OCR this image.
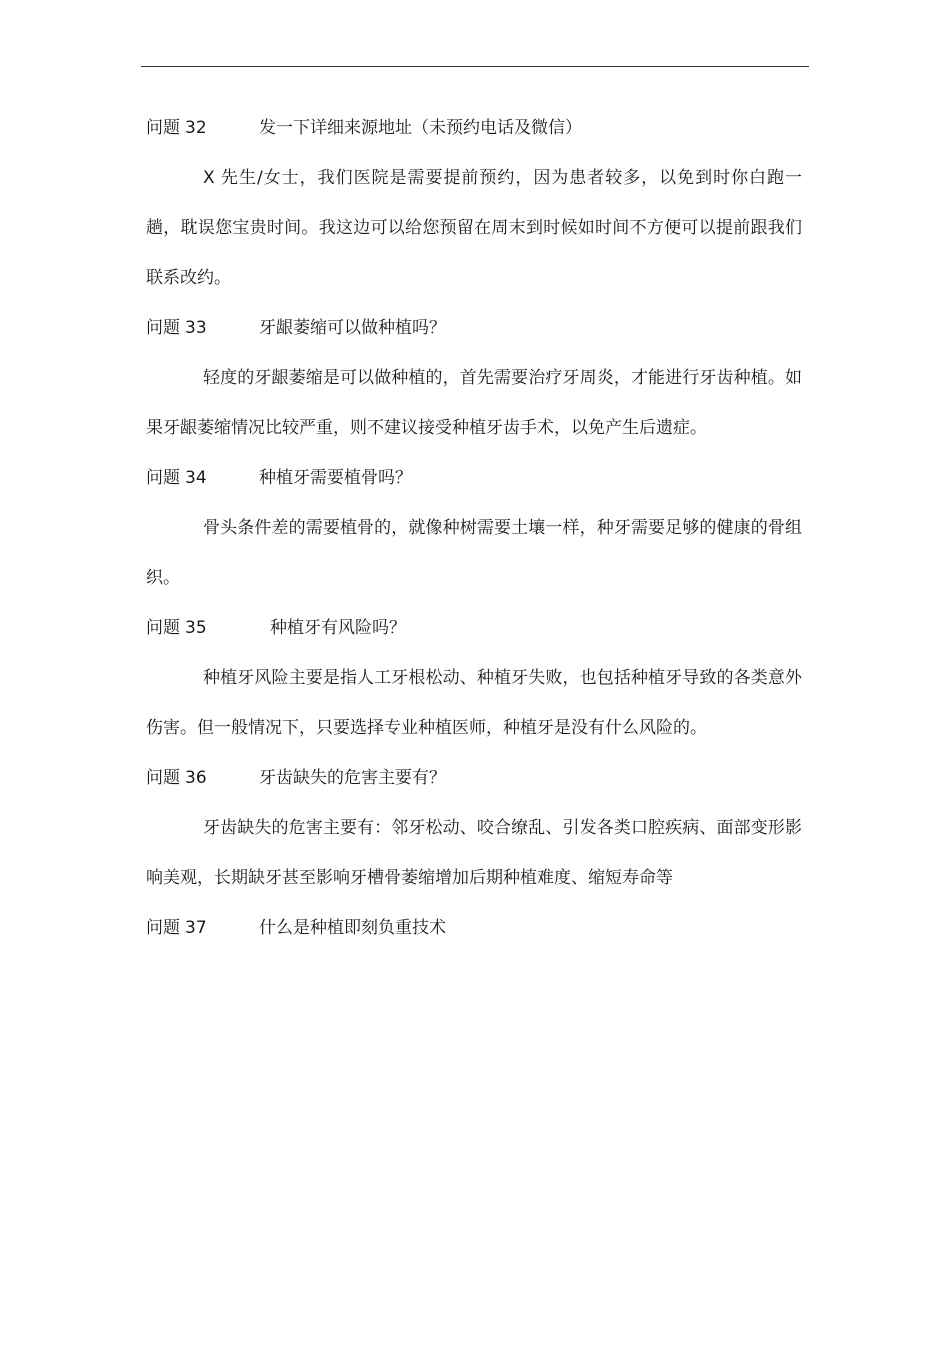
问题 32	发一下详细来源地址（未预约电话及微信）

X 先生/女士，我们医院是需要提前预约，因为患者较多，以免到时你白跑一趟，耽误您宝贵时间。我这边可以给您预留在周末到时候如时间不方便可以提前跟我们联系改约。

问题 33	牙龈萎缩可以做种植吗？

轻度的牙龈萎缩是可以做种植的，首先需要治疗牙周炎，才能进行牙齿种植。如果牙龈萎缩情况比较严重，则不建议接受种植牙齿手术，以免产生后遗症。

问题 34	种植牙需要植骨吗？

骨头条件差的需要植骨的，就像种树需要土壤一样，种牙需要足够的健康的骨组织。

问题 35	种植牙有风险吗？

种植牙风险主要是指人工牙根松动、种植牙失败，也包括种植牙导致的各类意外伤害。但一般情况下，只要选择专业种植医师，种植牙是没有什么风险的。

问题 36	牙齿缺失的危害主要有？

牙齿缺失的危害主要有：邻牙松动、咬合缭乱、引发各类口腔疾病、面部变形影响美观，长期缺牙甚至影响牙槽骨萎缩增加后期种植难度、缩短寿命等

问题 37	什么是种植即刻负重技术
